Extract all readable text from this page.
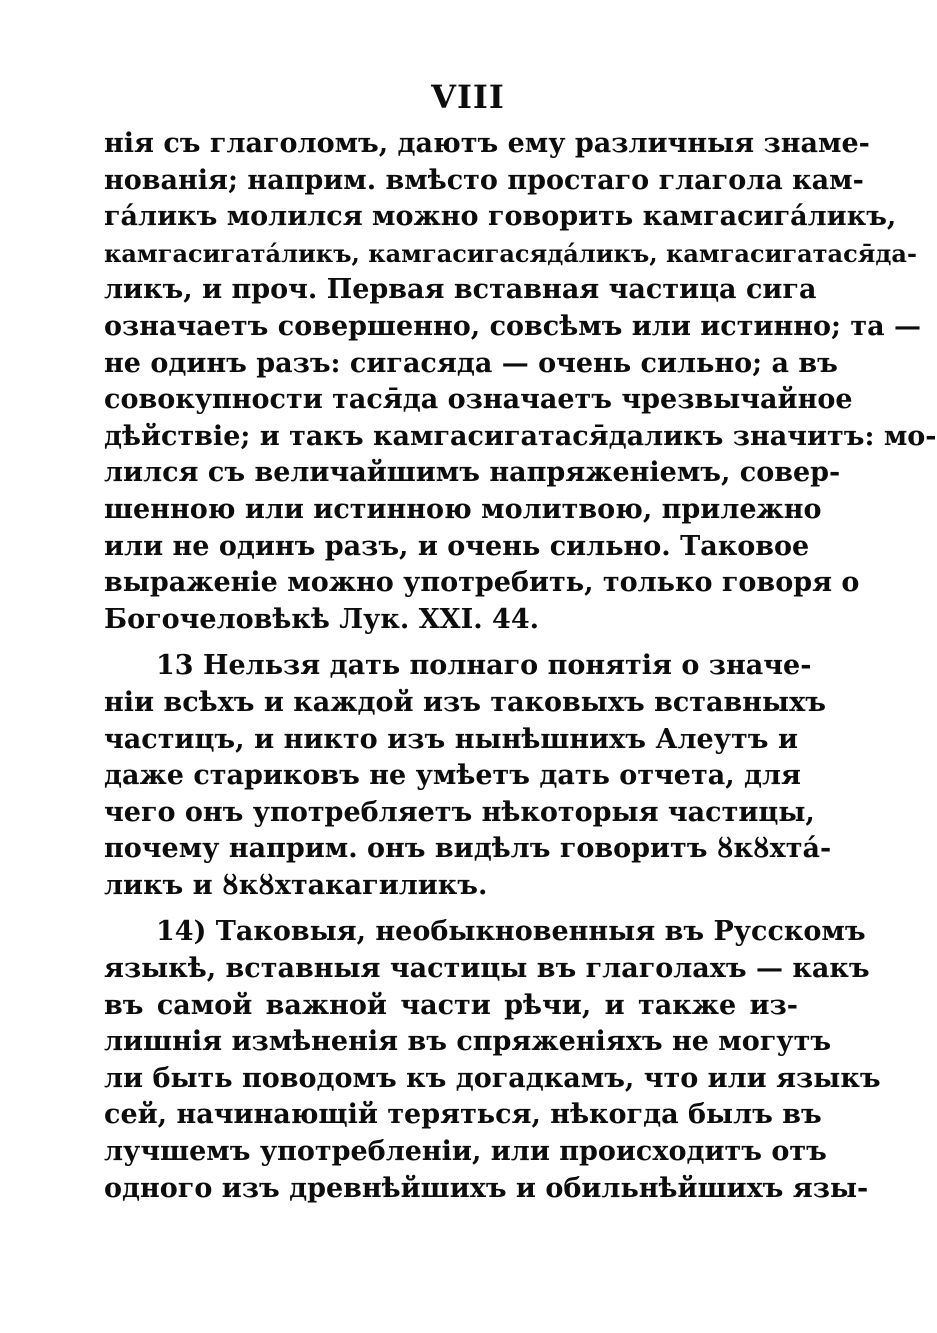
VIII
нія съ глаголомъ, даютъ ему различныя знаме-
нованія; наприм. вмѣсто простаго глагола кам-
гáликъ молился можно говорить камгасигáликъ,
камгасигатáликъ, камгасигасяда́ликъ, камгасигатася̄да-
ликъ, и проч. Первая вставная частица сига
означаетъ совершенно, совсѣмъ или истинно; та —
не одинъ разъ: сигасяда — очень сильно; а въ
совокупности тася̄да означаетъ чрезвычайное
дѣйствіе; и такъ камгасигатася̄даликъ значитъ: мо-
лился съ величайшимъ напряженіемъ, совер-
шенною или истинною молитвою, прилежно
или не одинъ разъ, и очень сильно. Таковое
выраженіе можно употребить, только говоря о
Богочеловѣкѣ Лук. XXI. 44.
13 Нельзя дать полнаго понятія о значе-
ніи всѣхъ и каждой изъ таковыхъ вставныхъ
частицъ, и никто изъ нынѣшнихъ Алеутъ и
даже стариковъ не умѣетъ дать отчета, для
чего онъ употребляетъ нѣкоторыя частицы,
почему наприм. онъ видѣлъ говоритъ ȣкȣхтá-
ликъ и ȣкȣхтакагиликъ.
14) Таковыя, необыкновенныя въ Русскомъ
языкѣ, вставныя частицы въ глаголахъ — какъ
въ самой важной части рѣчи, и также из-
лишнія измѣненія въ спряженіяхъ не могутъ
ли быть поводомъ къ догадкамъ, что или языкъ
сей, начинающій теряться, нѣкогда былъ въ
лучшемъ употребленіи, или происходитъ отъ
одного изъ древнѣйшихъ и обильнѣйшихъ язы-
